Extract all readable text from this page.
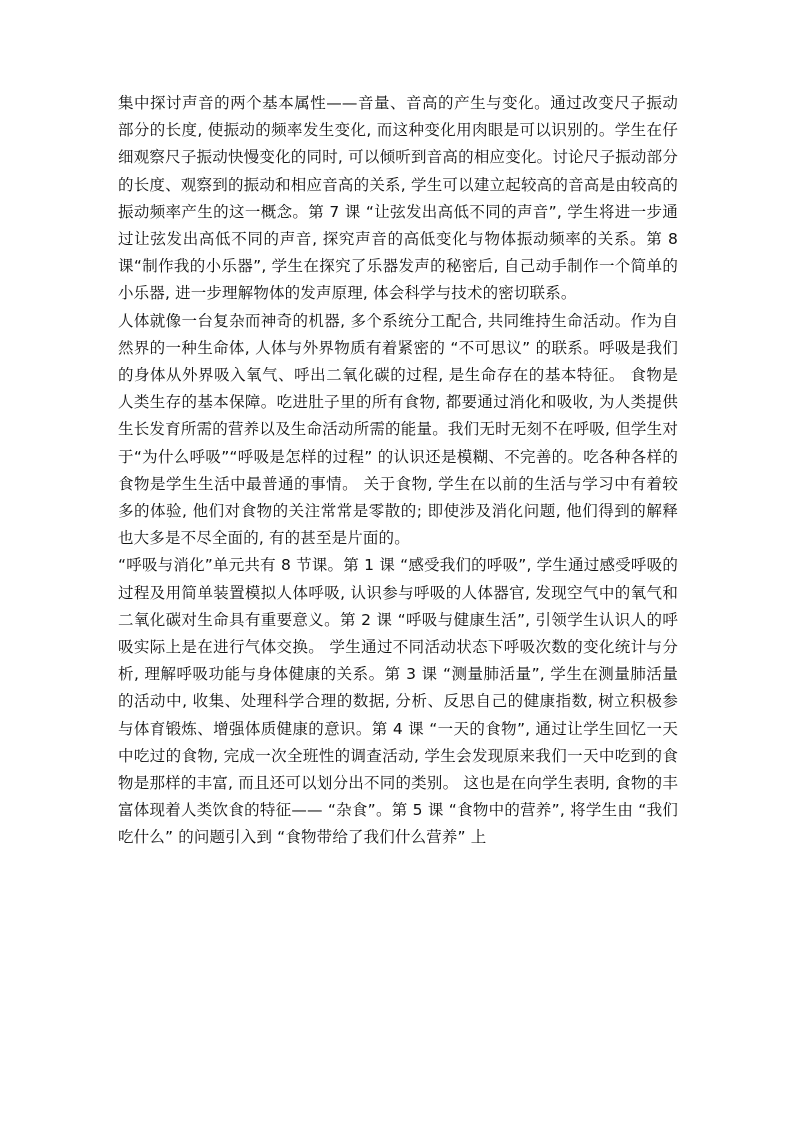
集中探讨声音的两个基本属性——音量、音高的产生与变化。通过改变尺子振动部分的长度, 使振动的频率发生变化, 而这种变化用肉眼是可以识别的。学生在仔细观察尺子振动快慢变化的同时, 可以倾听到音高的相应变化。讨论尺子振动部分的长度、观察到的振动和相应音高的关系, 学生可以建立起较高的音高是由较高的振动频率产生的这一概念。第 7 课 “让弦发出高低不同的声音”, 学生将进一步通过让弦发出高低不同的声音, 探究声音的高低变化与物体振动频率的关系。第 8 课“制作我的小乐器”, 学生在探究了乐器发声的秘密后, 自己动手制作一个简单的小乐器, 进一步理解物体的发声原理, 体会科学与技术的密切联系。

人体就像一台复杂而神奇的机器, 多个系统分工配合, 共同维持生命活动。作为自然界的一种生命体, 人体与外界物质有着紧密的 “不可思议” 的联系。呼吸是我们的身体从外界吸入氧气、呼出二氧化碳的过程, 是生命存在的基本特征。 食物是人类生存的基本保障。吃进肚子里的所有食物, 都要通过消化和吸收, 为人类提供生长发育所需的营养以及生命活动所需的能量。我们无时无刻不在呼吸, 但学生对于“为什么呼吸”“呼吸是怎样的过程” 的认识还是模糊、不完善的。吃各种各样的食物是学生生活中最普通的事情。 关于食物, 学生在以前的生活与学习中有着较多的体验, 他们对食物的关注常常是零散的; 即使涉及消化问题, 他们得到的解释也大多是不尽全面的, 有的甚至是片面的。

“呼吸与消化”单元共有 8 节课。第 1 课 “感受我们的呼吸”, 学生通过感受呼吸的过程及用简单装置模拟人体呼吸, 认识参与呼吸的人体器官, 发现空气中的氧气和二氧化碳对生命具有重要意义。第 2 课 “呼吸与健康生活”, 引领学生认识人的呼吸实际上是在进行气体交换。 学生通过不同活动状态下呼吸次数的变化统计与分析, 理解呼吸功能与身体健康的关系。第 3 课 “测量肺活量”, 学生在测量肺活量的活动中, 收集、处理科学合理的数据, 分析、反思自己的健康指数, 树立积极参与体育锻炼、增强体质健康的意识。第 4 课 “一天的食物”, 通过让学生回忆一天中吃过的食物, 完成一次全班性的调查活动, 学生会发现原来我们一天中吃到的食物是那样的丰富, 而且还可以划分出不同的类别。 这也是在向学生表明, 食物的丰富体现着人类饮食的特征—— “杂食”。第 5 课 “食物中的营养”, 将学生由 “我们吃什么” 的问题引入到 “食物带给了我们什么营养” 上
